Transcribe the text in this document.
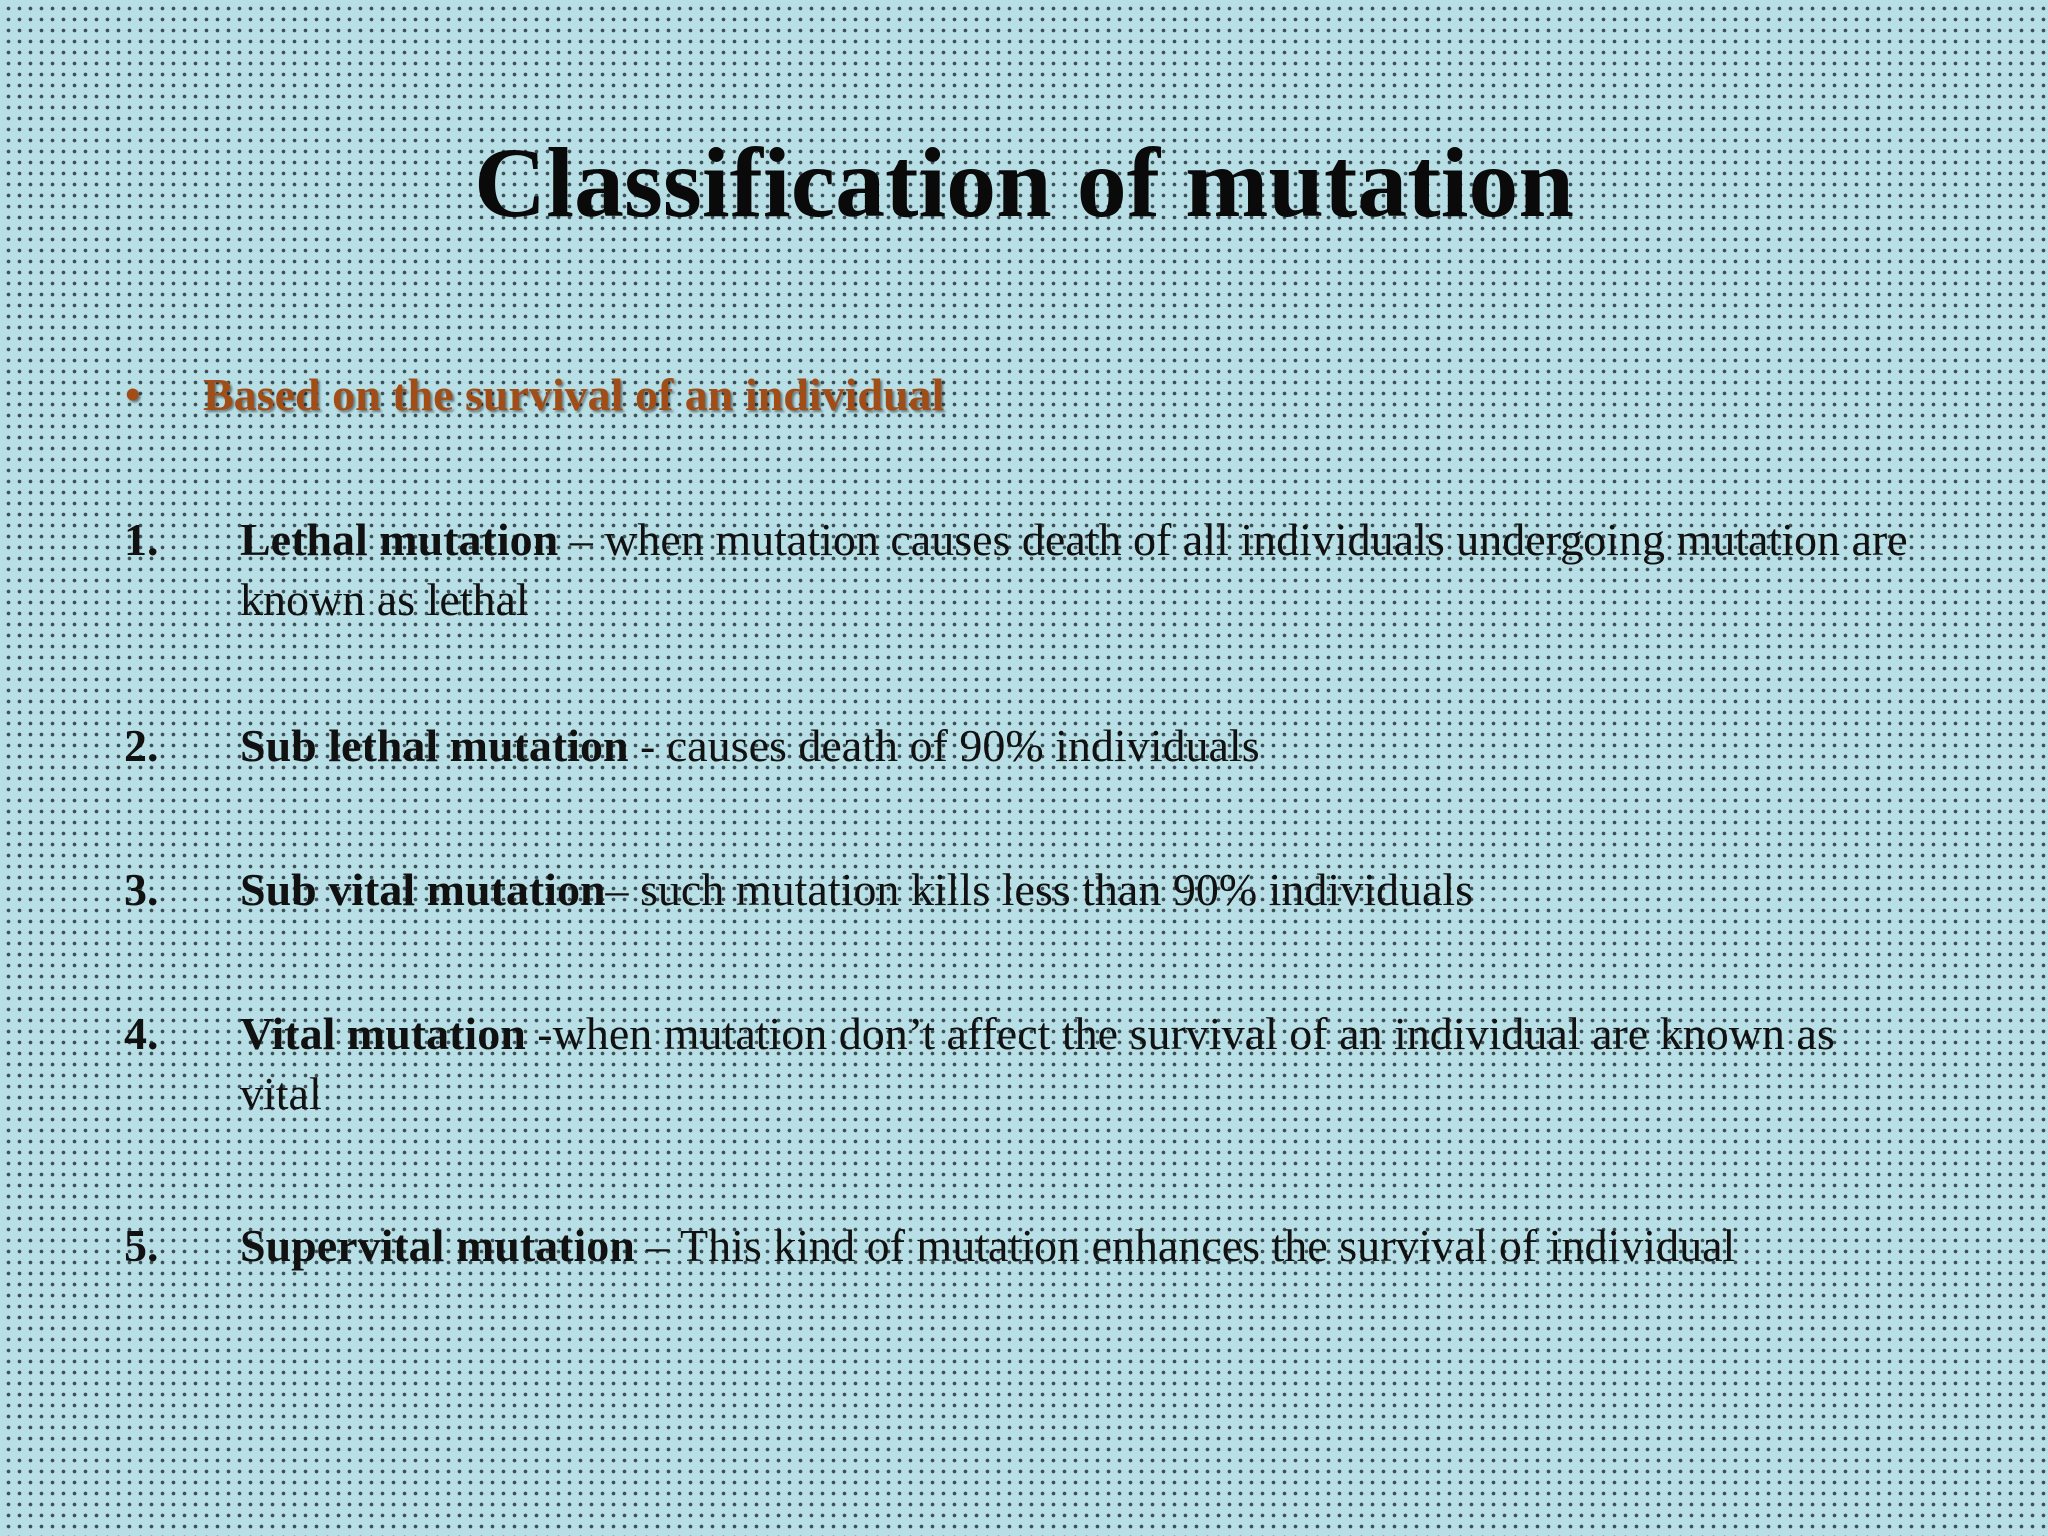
Classification of mutation
•	Based on the survival of an individual
1.	Lethal mutation – when mutation causes death of all individuals undergoing mutation are known as lethal
2.	Sub lethal mutation - causes death of 90% individuals
3.	Sub vital mutation– such mutation kills less than 90% individuals
4.	Vital mutation -when mutation don’t affect the survival of an individual are known as vital
5.	Supervital mutation – This kind of mutation enhances the survival of individual
